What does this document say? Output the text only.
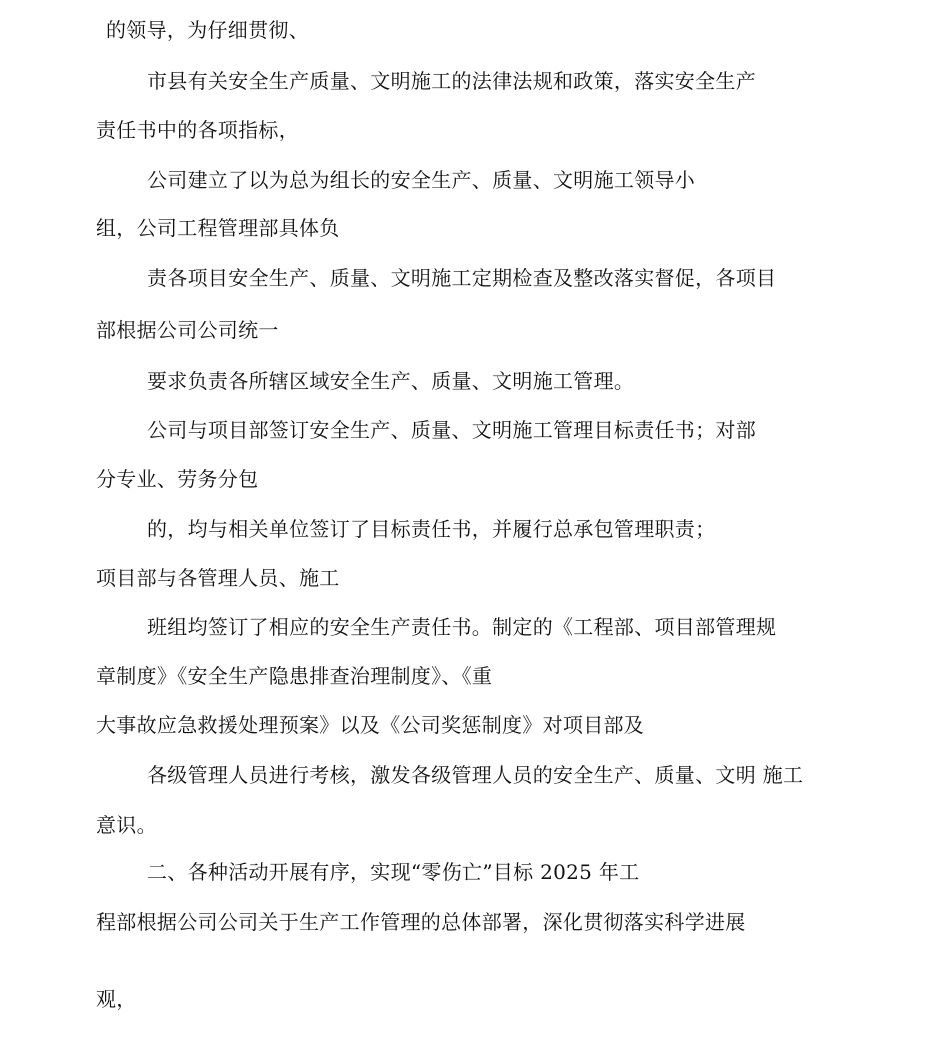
的领导，为仔细贯彻、
市县有关安全生产质量、文明施工的法律法规和政策，落实安全生产
责任书中的各项指标，
公司建立了以为总为组长的安全生产、质量、文明施工领导小
组，公司工程管理部具体负
责各项目安全生产、质量、文明施工定期检查及整改落实督促，各项目
部根据公司公司统一
要求负责各所辖区域安全生产、质量、文明施工管理。
公司与项目部签订安全生产、质量、文明施工管理目标责任书；对部
分专业、劳务分包
的，均与相关单位签订了目标责任书，并履行总承包管理职责；
项目部与各管理人员、施工
班组均签订了相应的安全生产责任书。制定的《工程部、项目部管理规
章制度》《安全生产隐患排查治理制度》、《重
大事故应急救援处理预案》以及《公司奖惩制度》对项目部及
各级管理人员进行考核，激发各级管理人员的安全生产、质量、文明 施工
意识。
二、各种活动开展有序，实现“零伤亡”目标 2025 年工
程部根据公司公司关于生产工作管理的总体部署，深化贯彻落实科学进展
观，
